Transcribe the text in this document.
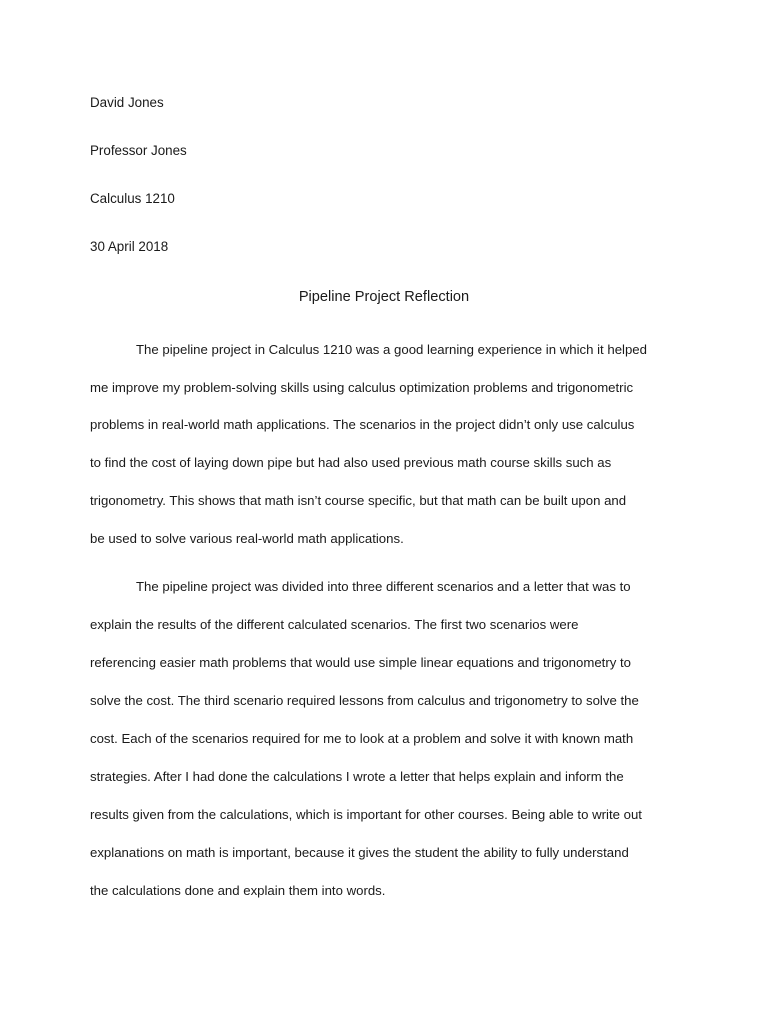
David Jones
Professor Jones
Calculus 1210
30 April 2018
Pipeline Project Reflection
The pipeline project in Calculus 1210 was a good learning experience in which it helped
me improve my problem-solving skills using calculus optimization problems and trigonometric
problems in real-world math applications. The scenarios in the project didn’t only use calculus
to find the cost of laying down pipe but had also used previous math course skills such as
trigonometry. This shows that math isn’t course specific, but that math can be built upon and
be used to solve various real-world math applications.
The pipeline project was divided into three different scenarios and a letter that was to
explain the results of the different calculated scenarios. The first two scenarios were
referencing easier math problems that would use simple linear equations and trigonometry to
solve the cost. The third scenario required lessons from calculus and trigonometry to solve the
cost. Each of the scenarios required for me to look at a problem and solve it with known math
strategies. After I had done the calculations I wrote a letter that helps explain and inform the
results given from the calculations, which is important for other courses. Being able to write out
explanations on math is important, because it gives the student the ability to fully understand
the calculations done and explain them into words.
